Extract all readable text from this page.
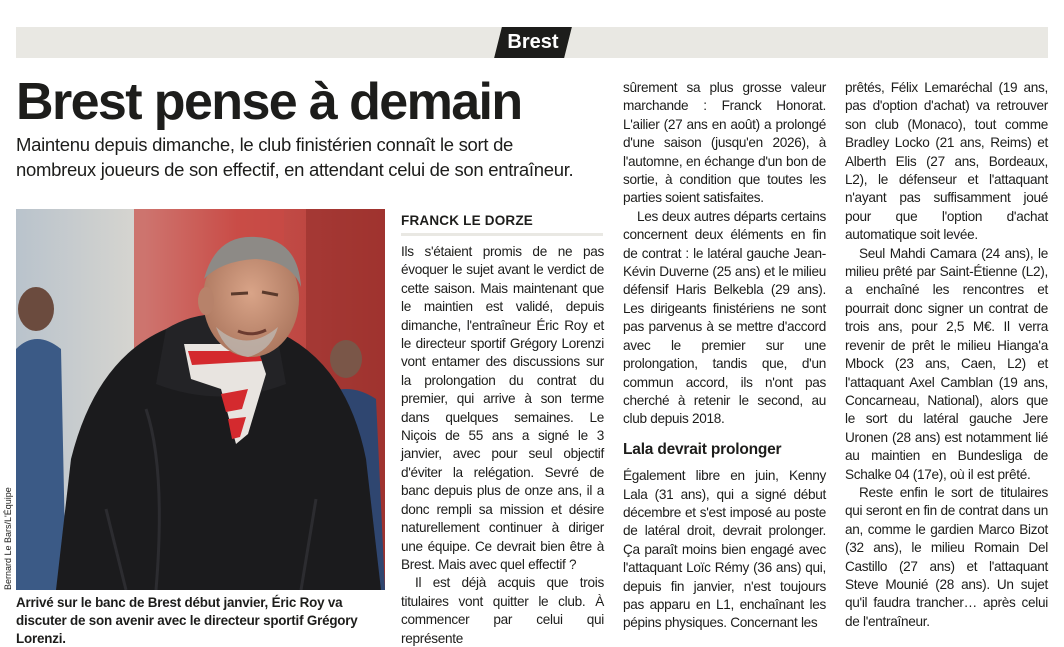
Brest
Brest pense à demain

Maintenu depuis dimanche, le club finistérien connaît le sort de nombreux joueurs de son effectif, en attendant celui de son entraîneur.

Bernard Le Bars/L'Équipe

Arrivé sur le banc de Brest début janvier, Éric Roy va discuter de son avenir avec le directeur sportif Grégory Lorenzi.

FRANCK LE DORZE

Ils s'étaient promis de ne pas évoquer le sujet avant le verdict de cette saison. Mais maintenant que le maintien est validé, depuis dimanche, l'entraîneur Éric Roy et le directeur sportif Grégory Lorenzi vont entamer des discussions sur la prolongation du contrat du premier, qui arrive à son terme dans quelques semaines. Le Niçois de 55 ans a signé le 3 janvier, avec pour seul objectif d'éviter la relégation. Sevré de banc depuis plus de onze ans, il a donc rempli sa mission et désire naturellement continuer à diriger une équipe. Ce devrait bien être à Brest. Mais avec quel effectif ?

Il est déjà acquis que trois titulaires vont quitter le club. À commencer par celui qui représente

sûrement sa plus grosse valeur marchande : Franck Honorat. L'ailier (27 ans en août) a prolongé d'une saison (jusqu'en 2026), à l'automne, en échange d'un bon de sortie, à condition que toutes les parties soient satisfaites.

Les deux autres départs certains concernent deux éléments en fin de contrat : le latéral gauche Jean-Kévin Duverne (25 ans) et le milieu défensif Haris Belkebla (29 ans). Les dirigeants finistériens ne sont pas parvenus à se mettre d'accord avec le premier sur une prolongation, tandis que, d'un commun accord, ils n'ont pas cherché à retenir le second, au club depuis 2018.

Lala devrait prolonger

Également libre en juin, Kenny Lala (31 ans), qui a signé début décembre et s'est imposé au poste de latéral droit, devrait prolonger. Ça paraît moins bien engagé avec l'attaquant Loïc Rémy (36 ans) qui, depuis fin janvier, n'est toujours pas apparu en L1, enchaînant les pépins physiques. Concernant les

prêtés, Félix Lemaréchal (19 ans, pas d'option d'achat) va retrouver son club (Monaco), tout comme Bradley Locko (21 ans, Reims) et Alberth Elis (27 ans, Bordeaux, L2), le défenseur et l'attaquant n'ayant pas suffisamment joué pour que l'option d'achat automatique soit levée.

Seul Mahdi Camara (24 ans), le milieu prêté par Saint-Étienne (L2), a enchaîné les rencontres et pourrait donc signer un contrat de trois ans, pour 2,5 M€. Il verra revenir de prêt le milieu Hianga'a Mbock (23 ans, Caen, L2) et l'attaquant Axel Camblan (19 ans, Concarneau, National), alors que le sort du latéral gauche Jere Uronen (28 ans) est notamment lié au maintien en Bundesliga de Schalke 04 (17e), où il est prêté.

Reste enfin le sort de titulaires qui seront en fin de contrat dans un an, comme le gardien Marco Bizot (32 ans), le milieu Romain Del Castillo (27 ans) et l'attaquant Steve Mounié (28 ans). Un sujet qu'il faudra trancher… après celui de l'entraîneur.
